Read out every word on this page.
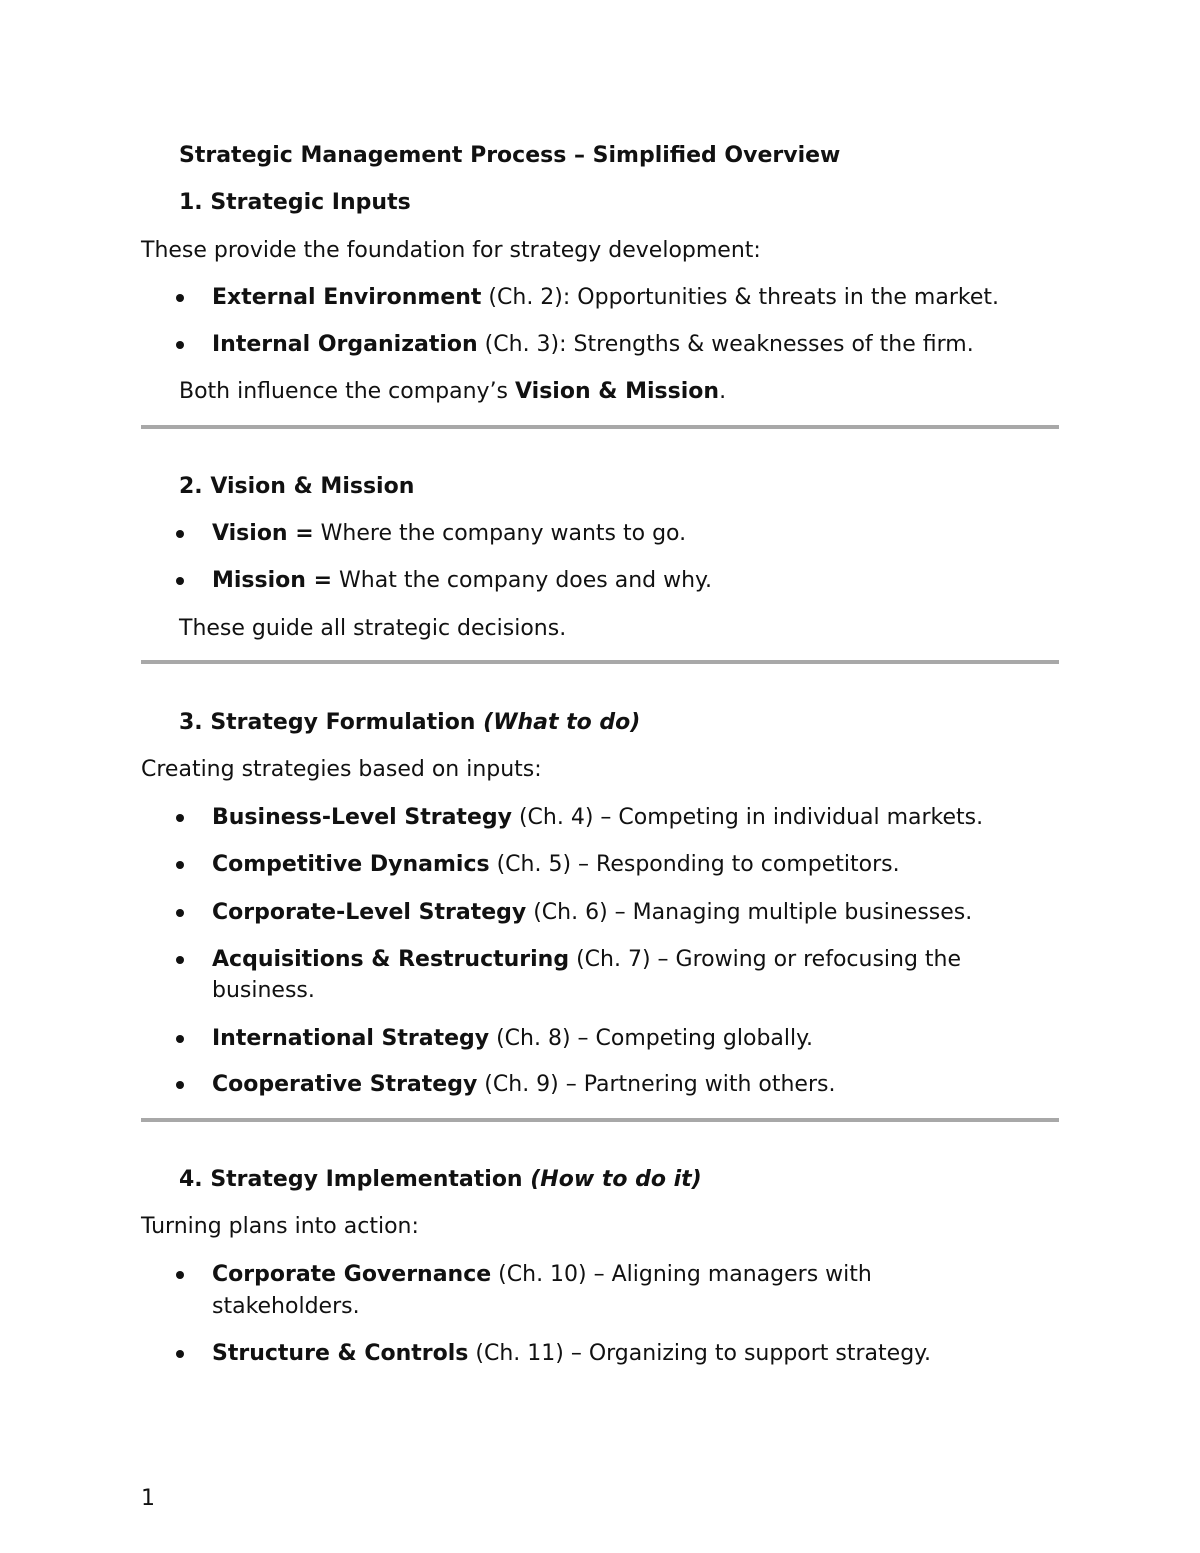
Strategic Management Process – Simplified Overview
1. Strategic Inputs
These provide the foundation for strategy development:
External Environment (Ch. 2): Opportunities & threats in the market.
Internal Organization (Ch. 3): Strengths & weaknesses of the firm.
Both influence the company’s Vision & Mission.
2. Vision & Mission
Vision = Where the company wants to go.
Mission = What the company does and why.
These guide all strategic decisions.
3. Strategy Formulation (What to do)
Creating strategies based on inputs:
Business-Level Strategy (Ch. 4) – Competing in individual markets.
Competitive Dynamics (Ch. 5) – Responding to competitors.
Corporate-Level Strategy (Ch. 6) – Managing multiple businesses.
Acquisitions & Restructuring (Ch. 7) – Growing or refocusing the
business.
International Strategy (Ch. 8) – Competing globally.
Cooperative Strategy (Ch. 9) – Partnering with others.
4. Strategy Implementation (How to do it)
Turning plans into action:
Corporate Governance (Ch. 10) – Aligning managers with
stakeholders.
Structure & Controls (Ch. 11) – Organizing to support strategy.
1
